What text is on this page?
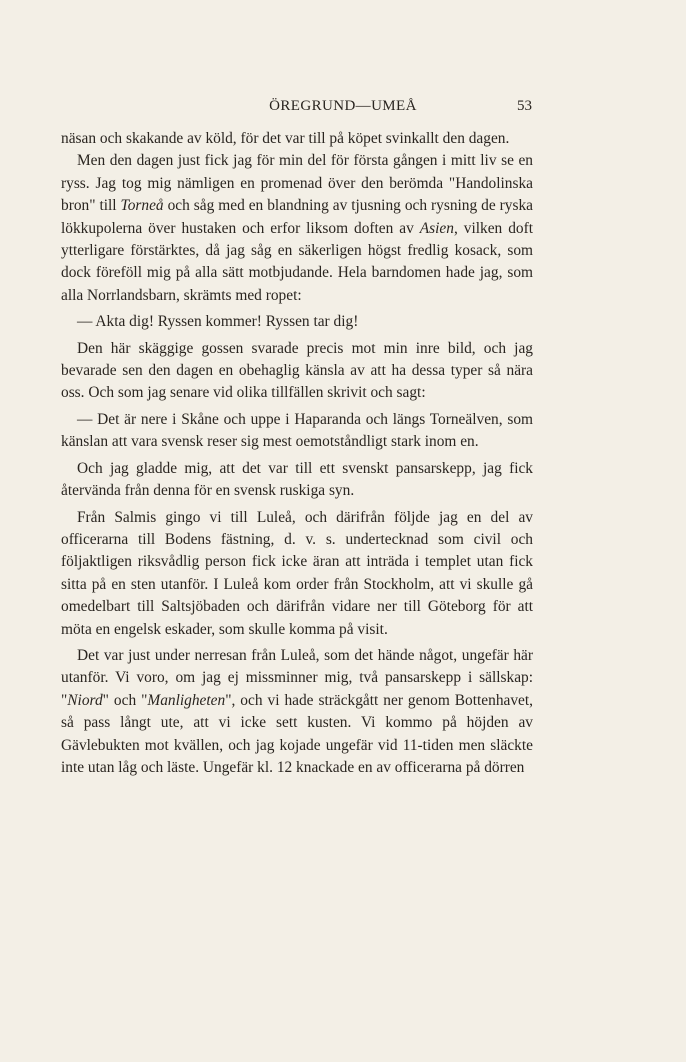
ÖREGRUND—UMEÅ	53

näsan och skakande av köld, för det var till på köpet svinkallt den dagen.

Men den dagen just fick jag för min del för första gången i mitt liv se en ryss. Jag tog mig nämligen en promenad över den berömda "Handolinska bron" till Torneå och såg med en blandning av tjusning och rysning de ryska lökkupolerna över hustaken och erfor liksom doften av Asien, vilken doft ytterligare förstärktes, då jag såg en säkerligen högst fredlig kosack, som dock föreföll mig på alla sätt motbjudande. Hela barndomen hade jag, som alla Norrlandsbarn, skrämts med ropet:

— Akta dig! Ryssen kommer! Ryssen tar dig!

Den här skäggige gossen svarade precis mot min inre bild, och jag bevarade sen den dagen en obehaglig känsla av att ha dessa typer så nära oss. Och som jag senare vid olika tillfällen skrivit och sagt:

— Det är nere i Skåne och uppe i Haparanda och längs Torneälven, som känslan att vara svensk reser sig mest oemotståndligt stark inom en.

Och jag gladde mig, att det var till ett svenskt pansarskepp, jag fick återvända från denna för en svensk ruskiga syn.

Från Salmis gingo vi till Luleå, och därifrån följde jag en del av officerarna till Bodens fästning, d. v. s. undertecknad som civil och följaktligen riksvådlig person fick icke äran att inträda i templet utan fick sitta på en sten utanför. I Luleå kom order från Stockholm, att vi skulle gå omedelbart till Saltsjöbaden och därifrån vidare ner till Göteborg för att möta en engelsk eskader, som skulle komma på visit.

Det var just under nerresan från Luleå, som det hände något, ungefär här utanför. Vi voro, om jag ej missminner mig, två pansarskepp i sällskap: "Niord" och "Manligheten", och vi hade sträckgått ner genom Bottenhavet, så pass långt ute, att vi icke sett kusten. Vi kommo på höjden av Gävlebukten mot kvällen, och jag kojade ungefär vid 11-tiden men släckte inte utan låg och läste. Ungefär kl. 12 knackade en av officerarna på dörren
